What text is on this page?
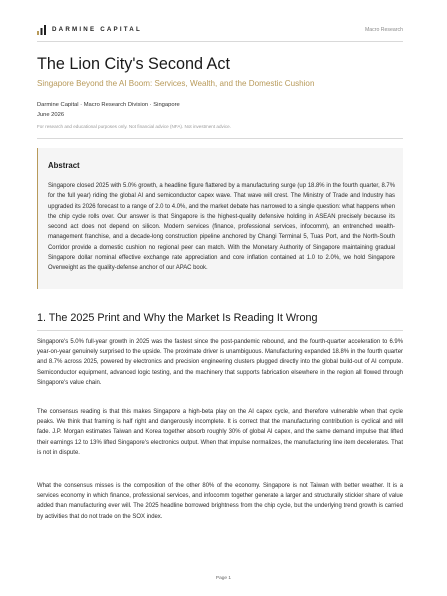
DARMINE CAPITAL	Macro Research
The Lion City's Second Act
Singapore Beyond the AI Boom: Services, Wealth, and the Domestic Cushion
Darmine Capital · Macro Research Division · Singapore
June 2026
For research and educational purposes only. Not financial advice (NFA). Not investment advice.
Abstract
Singapore closed 2025 with 5.0% growth, a headline figure flattered by a manufacturing surge (up 18.8% in the fourth quarter, 8.7% for the full year) riding the global AI and semiconductor capex wave. That wave will crest. The Ministry of Trade and Industry has upgraded its 2026 forecast to a range of 2.0 to 4.0%, and the market debate has narrowed to a single question: what happens when the chip cycle rolls over. Our answer is that Singapore is the highest-quality defensive holding in ASEAN precisely because its second act does not depend on silicon. Modern services (finance, professional services, infocomm), an entrenched wealth-management franchise, and a decade-long construction pipeline anchored by Changi Terminal 5, Tuas Port, and the North-South Corridor provide a domestic cushion no regional peer can match. With the Monetary Authority of Singapore maintaining gradual Singapore dollar nominal effective exchange rate appreciation and core inflation contained at 1.0 to 2.0%, we hold Singapore Overweight as the quality-defense anchor of our APAC book.
1. The 2025 Print and Why the Market Is Reading It Wrong
Singapore's 5.0% full-year growth in 2025 was the fastest since the post-pandemic rebound, and the fourth-quarter acceleration to 6.9% year-on-year genuinely surprised to the upside. The proximate driver is unambiguous. Manufacturing expanded 18.8% in the fourth quarter and 8.7% across 2025, powered by electronics and precision engineering clusters plugged directly into the global build-out of AI compute. Semiconductor equipment, advanced logic testing, and the machinery that supports fabrication elsewhere in the region all flowed through Singapore's value chain.
The consensus reading is that this makes Singapore a high-beta play on the AI capex cycle, and therefore vulnerable when that cycle peaks. We think that framing is half right and dangerously incomplete. It is correct that the manufacturing contribution is cyclical and will fade. J.P. Morgan estimates Taiwan and Korea together absorb roughly 30% of global AI capex, and the same demand impulse that lifted their earnings 12 to 13% lifted Singapore's electronics output. When that impulse normalizes, the manufacturing line item decelerates. That is not in dispute.
What the consensus misses is the composition of the other 80% of the economy. Singapore is not Taiwan with better weather. It is a services economy in which finance, professional services, and infocomm together generate a larger and structurally stickier share of value added than manufacturing ever will. The 2025 headline borrowed brightness from the chip cycle, but the underlying trend growth is carried by activities that do not trade on the SOX index.
Page 1
